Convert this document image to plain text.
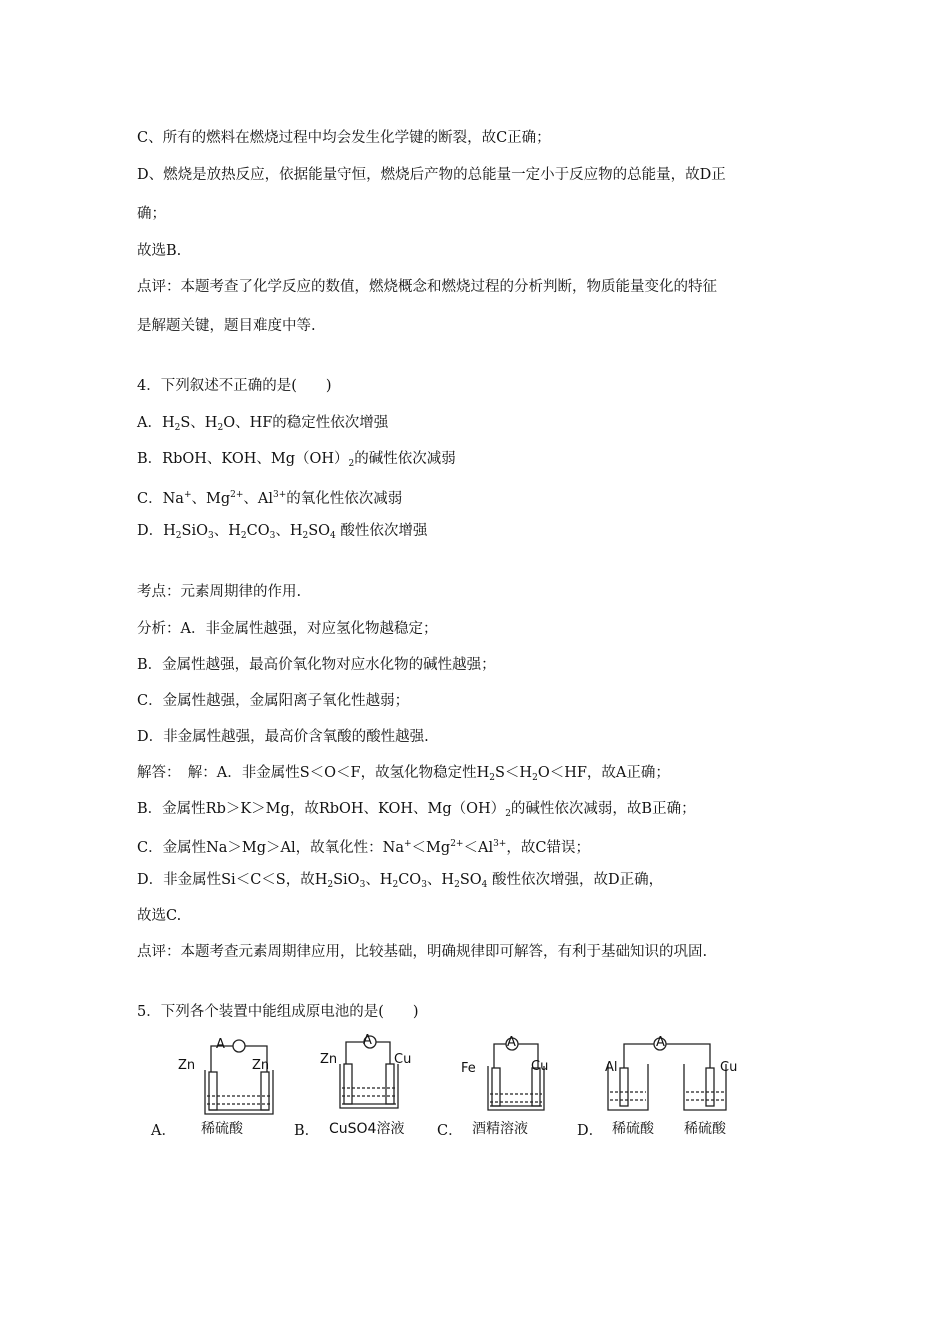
C、所有的燃料在燃烧过程中均会发生化学键的断裂，故C正确；
D、燃烧是放热反应，依据能量守恒，燃烧后产物的总能量一定小于反应物的总能量，故D正
确；
故选B.
点评：本题考查了化学反应的数值，燃烧概念和燃烧过程的分析判断，物质能量变化的特征
是解题关键，题目难度中等.
4．下列叙述不正确的是(　　)
A．$H_2S$、$H_2O$、HF的稳定性依次增强
B．RbOH、KOH、$Mg(OH)_2$的碱性依次减弱
C．Na+、$Mg^{2+}$、$Al^{3+}$的氧化性依次减弱
D．$H_2SiO_3$、$H_2CO_3$、$H_2SO_4$ 酸性依次增强
考点：元素周期律的作用.
分析：A．非金属性越强，对应氢化物越稳定；
B．金属性越强，最高价氧化物对应水化物的碱性越强；
C．金属性越强，金属阳离子氧化性越弱；
D．非金属性越强，最高价含氧酸的酸性越强.
解答：　解：A．非金属性S＜O＜F，故氢化物稳定性$H_2S<H_2O<HF$，故A正确；
B．金属性Rb＞K＞Mg，故RbOH、KOH、$Mg(OH)_2$的碱性依次减弱，故B正确；
C．金属性Na＞Mg＞Al，故氧化性：$Na^+<Mg^{2+}<Al^{3+}$，故C错误；
D．非金属性Si＜C＜S，故$H_2SiO_3$、$H_2CO_3$、$H_2SO_4$ 酸性依次增强，故D正确，
故选C.
点评：本题考查元素周期律应用，比较基础，明确规律即可解答，有利于基础知识的巩固.
5．下列各个装置中能组成原电池的是(　　)
A
Zn	Zn
A． 稀硫酸
A
Zn	Cu
B． CuSO4溶液
A
Fe	Cu
C． 酒精溶液
A
Al	Cu
D． 稀硫酸 稀硫酸
